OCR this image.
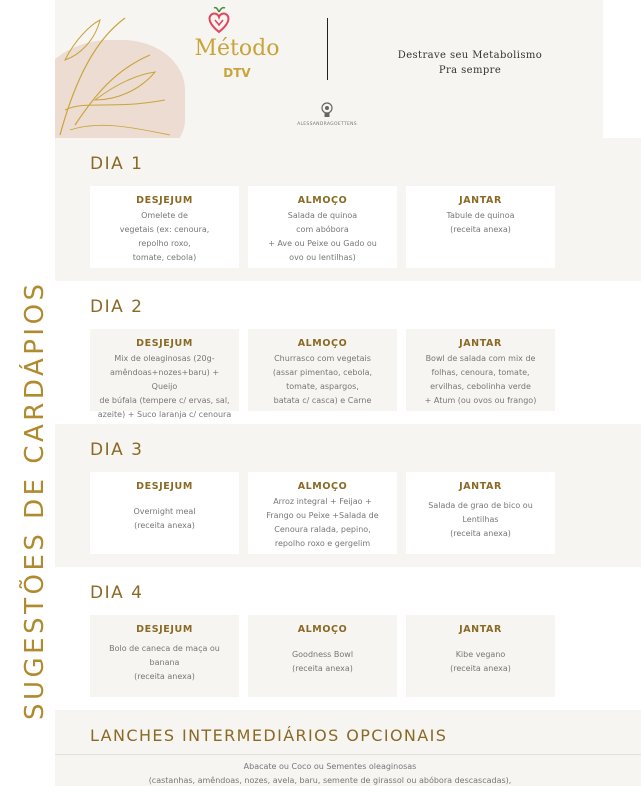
Método
DTV
Destrave seu Metabolismo
Pra sempre
ALESSANDRAGOETTENS
SUGESTÕES DE CARDÁPIOS
DIA 1
DESJEJUM
Omelete de
vegetais (ex: cenoura,
repolho roxo,
tomate, cebola)
ALMOÇO
Salada de quinoa
com abóbora
+ Ave ou Peixe ou Gado ou
ovo ou lentilhas)
JANTAR
Tabule de quinoa
(receita anexa)
DIA 2
DESJEJUM
Mix de oleaginosas (20g-
amêndoas+nozes+baru) + Queijo
de búfala (tempere c/ ervas, sal,
azeite) + Suco laranja c/ cenoura
ALMOÇO
Churrasco com vegetais
(assar pimentao, cebola,
tomate, aspargos,
batata c/ casca) e Carne
JANTAR
Bowl de salada com mix de
folhas, cenoura, tomate,
ervilhas, cebolinha verde
+ Atum (ou ovos ou frango)
DIA 3
DESJEJUM
Overnight meal
(receita anexa)
ALMOÇO
Arroz integral + Feijao +
Frango ou Peixe +Salada de
Cenoura ralada, pepino,
repolho roxo e gergelim
JANTAR
Salada de grao de bico ou
Lentilhas
(receita anexa)
DIA 4
DESJEJUM
Bolo de caneca de maça ou
banana
(receita anexa)
ALMOÇO
Goodness Bowl
(receita anexa)
JANTAR
Kibe vegano
(receita anexa)
LANCHES INTERMEDIÁRIOS OPCIONAIS
Abacate ou Coco ou Sementes oleaginosas
(castanhas, amêndoas, nozes, avela, baru, semente de girassol ou abóbora descascadas),
